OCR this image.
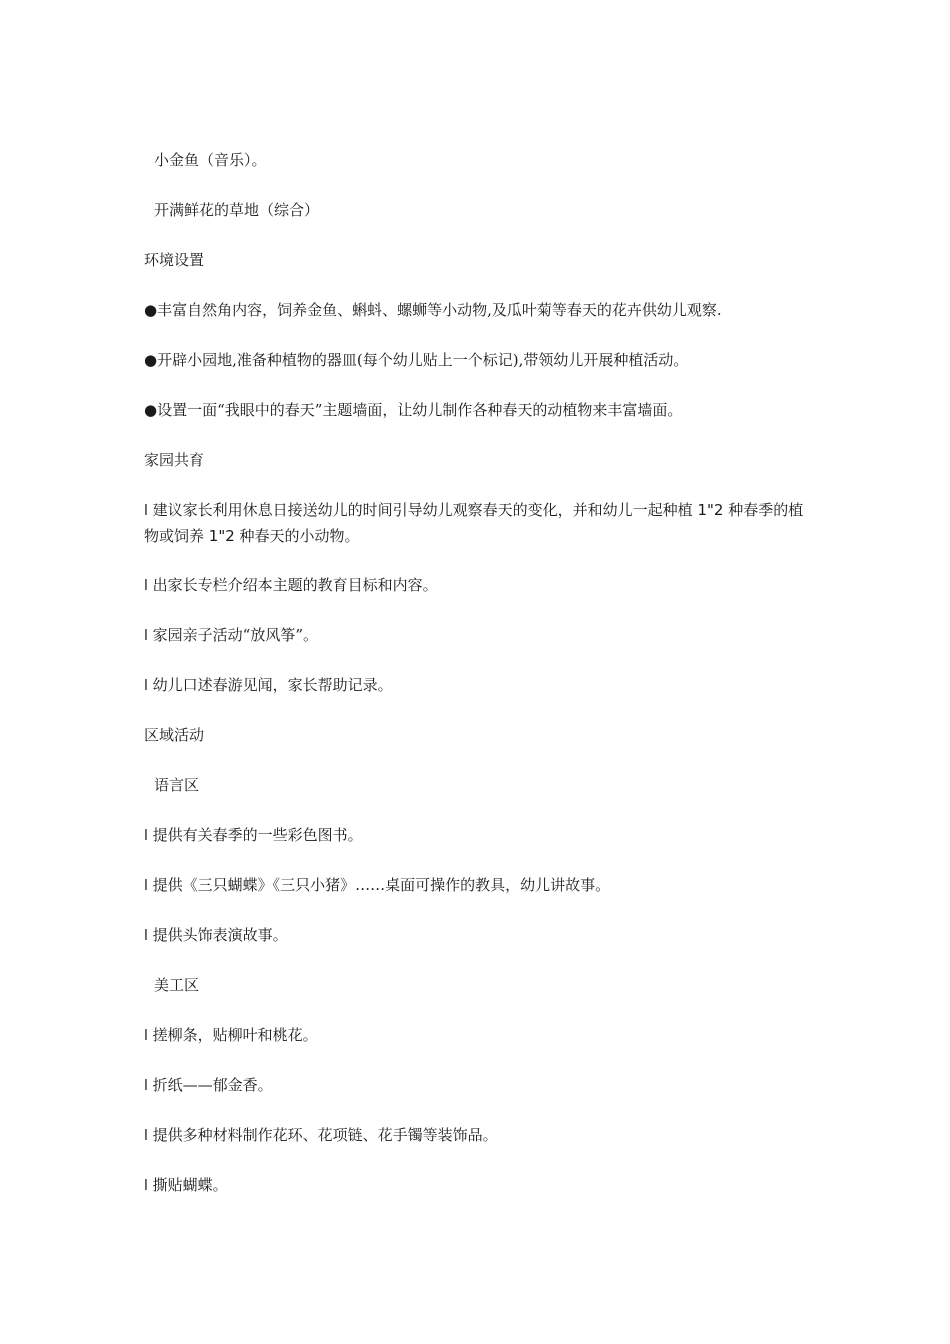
小金鱼（音乐）。

开满鲜花的草地（综合）

环境设置

●丰富自然角内容，饲养金鱼、蝌蚪、螺蛳等小动物,及瓜叶菊等春天的花卉供幼儿观察.

●开辟小园地,准备种植物的器皿(每个幼儿贴上一个标记),带领幼儿开展种植活动。

●设置一面“我眼中的春天”主题墙面，让幼儿制作各种春天的动植物来丰富墙面。

家园共育

l 建议家长利用休息日接送幼儿的时间引导幼儿观察春天的变化，并和幼儿一起种植 1"2 种春季的植物或饲养 1"2 种春天的小动物。

l 出家长专栏介绍本主题的教育目标和内容。

l 家园亲子活动“放风筝”。

l 幼儿口述春游见闻，家长帮助记录。

区域活动

语言区

l 提供有关春季的一些彩色图书。

l 提供《三只蝴蝶》《三只小猪》……桌面可操作的教具，幼儿讲故事。

l 提供头饰表演故事。

美工区

l 搓柳条，贴柳叶和桃花。

l 折纸——郁金香。

l 提供多种材料制作花环、花项链、花手镯等装饰品。

l 撕贴蝴蝶。
